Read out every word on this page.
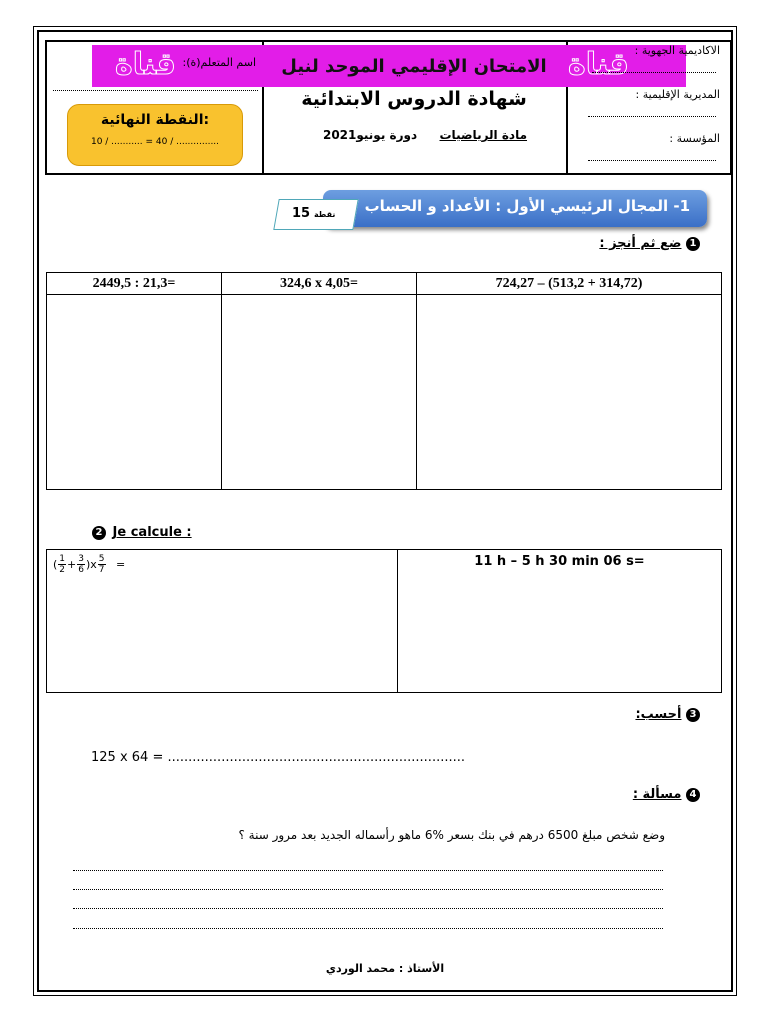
قناة	قناة الاكاديمية الجهوية :
المديرية الإقليمية :
المؤسسة :
اسم المتعلم(ة):
:النقطة النهائية
10 / ........... = 40 / ...............
الامتحان الإقليمي الموحد لنيل
شهادة الدروس الابتدائية
مادة الرياضيات  دورة يونيو2021
1- المجال الرئيسي الأول : الأعداد و الحساب
نقطة 15
1 ضع ثم أنجز :
2449,5 : 21,3=	324,6 x 4,05=	724,27 – (513,2 + 314,72)

2 Je calcule :
( $\frac{1}{2} + \frac{3}{6} )x \frac{5}{7}$ =	11 h – 5 h 30 min 06 s=
3 أحسب:
125 x 64 = ........................................................................
4 مسألة :
وضع شخص مبلغ 6500 درهم في بنك بسعر %6 ماهو رأسماله الجديد بعد مرور سنة ؟
الأستاذ : محمد الوردي
